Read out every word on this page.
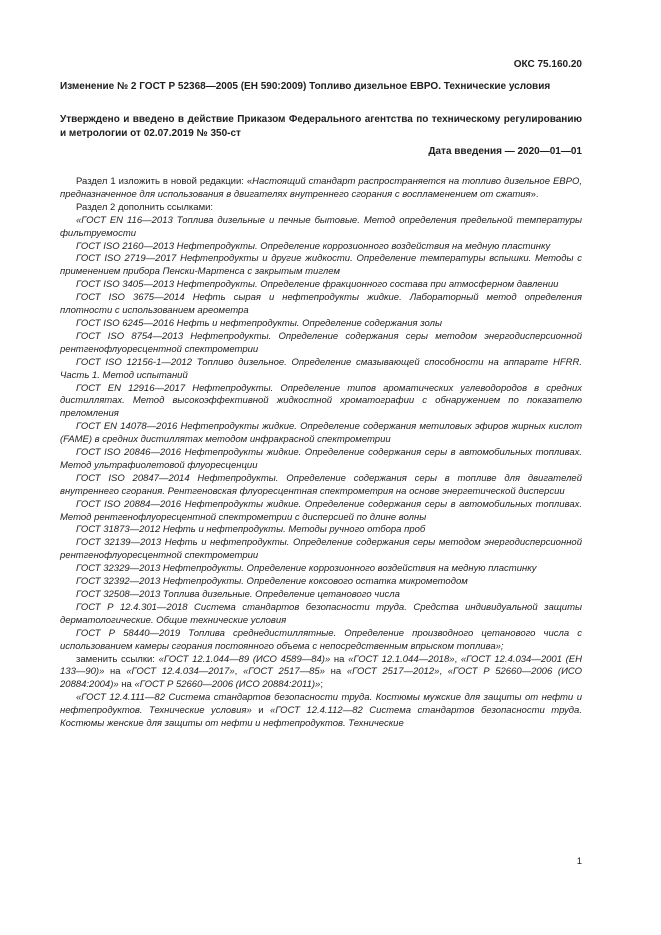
ОКС 75.160.20
Изменение № 2 ГОСТ Р 52368—2005 (ЕН 590:2009) Топливо дизельное ЕВРО. Технические условия
Утверждено и введено в действие Приказом Федерального агентства по техническому регулированию и метрологии от 02.07.2019 № 350-ст
Дата введения — 2020—01—01

Раздел 1 изложить в новой редакции: «Настоящий стандарт распространяется на топливо дизельное ЕВРО, предназначенное для использования в двигателях внутреннего сгорания с воспламенением от сжатия».

Раздел 2 дополнить ссылками:

«ГОСТ EN 116—2013 Топлива дизельные и печные бытовые. Метод определения предельной температуры фильтруемости

ГОСТ ISO 2160—2013 Нефтепродукты. Определение коррозионного воздействия на медную пластинку

ГОСТ ISO 2719—2017 Нефтепродукты и другие жидкости. Определение температуры вспышки. Методы с применением прибора Пенски-Мартенса с закрытым тиглем

ГОСТ ISO 3405—2013 Нефтепродукты. Определение фракционного состава при атмосферном давлении

ГОСТ ISO 3675—2014 Нефть сырая и нефтепродукты жидкие. Лабораторный метод определения плотности с использованием ареометра

ГОСТ ISO 6245—2016 Нефть и нефтепродукты. Определение содержания золы

ГОСТ ISO 8754—2013 Нефтепродукты. Определение содержания серы методом энергодисперсионной рентгенофлуоресцентной спектрометрии

ГОСТ ISO 12156-1—2012 Топливо дизельное. Определение смазывающей способности на аппарате HFRR. Часть 1. Метод испытаний

ГОСТ EN 12916—2017 Нефтепродукты. Определение типов ароматических углеводородов в средних дистиллятах. Метод высокоэффективной жидкостной хроматографии с обнаружением по показателю преломления

ГОСТ EN 14078—2016 Нефтепродукты жидкие. Определение содержания метиловых эфиров жирных кислот (FAME) в средних дистиллятах методом инфракрасной спектрометрии

ГОСТ ISO 20846—2016 Нефтепродукты жидкие. Определение содержания серы в автомобильных топливах. Метод ультрафиолетовой флуоресценции

ГОСТ ISO 20847—2014 Нефтепродукты. Определение содержания серы в топливе для двигателей внутреннего сгорания. Рентгеновская флуоресцентная спектрометрия на основе энергетической дисперсии

ГОСТ ISO 20884—2016 Нефтепродукты жидкие. Определение содержания серы в автомобильных топливах. Метод рентгенофлуоресцентной спектрометрии с дисперсией по длине волны

ГОСТ 31873—2012 Нефть и нефтепродукты. Методы ручного отбора проб

ГОСТ 32139—2013 Нефть и нефтепродукты. Определение содержания серы методом энергодисперсионной рентгенофлуоресцентной спектрометрии

ГОСТ 32329—2013 Нефтепродукты. Определение коррозионного воздействия на медную пластинку

ГОСТ 32392—2013 Нефтепродукты. Определение коксового остатка микрометодом

ГОСТ 32508—2013 Топлива дизельные. Определение цетанового числа

ГОСТ Р 12.4.301—2018 Система стандартов безопасности труда. Средства индивидуальной защиты дерматологические. Общие технические условия

ГОСТ Р 58440—2019 Топлива среднедистиллятные. Определение производного цетанового числа с использованием камеры сгорания постоянного объема с непосредственным впрыском топлива»;

заменить ссылки: «ГОСТ 12.1.044—89 (ИСО 4589—84)» на «ГОСТ 12.1.044—2018», «ГОСТ 12.4.034—2001 (ЕН 133—90)» на «ГОСТ 12.4.034—2017», «ГОСТ 2517—85» на «ГОСТ 2517—2012», «ГОСТ Р 52660—2006 (ИСО 20884:2004)» на «ГОСТ Р 52660—2006 (ИСО 20884:2011)»;

«ГОСТ 12.4.111—82 Система стандартов безопасности труда. Костюмы мужские для защиты от нефти и нефтепродуктов. Технические условия» и «ГОСТ 12.4.112—82 Система стандартов безопасности труда. Костюмы женские для защиты от нефти и нефтепродуктов. Технические

1
